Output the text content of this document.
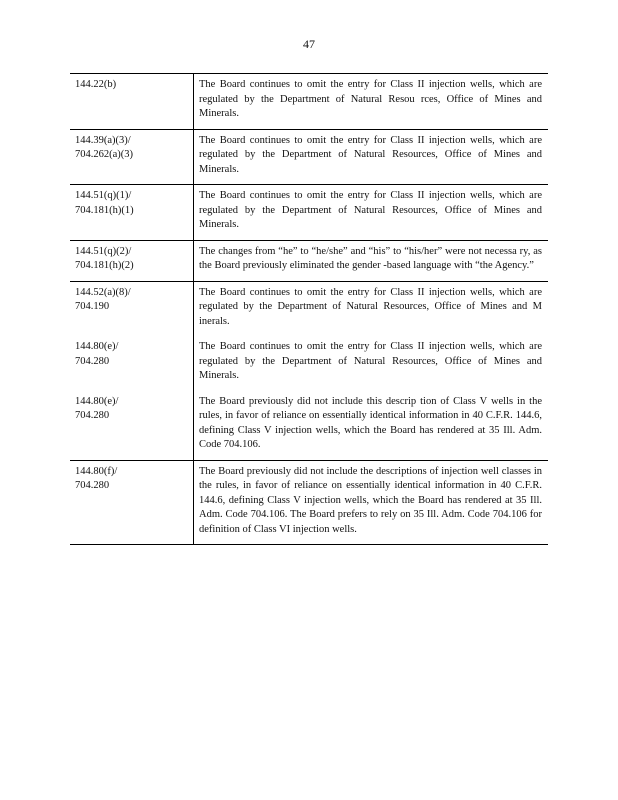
47
144.22(b)	The Board continues to omit the entry for Class II injection wells, which are regulated by the Department of Natural Resou rces, Office of Mines and Minerals.

144.39(a)(3)/
704.262(a)(3)	The Board continues to omit the entry for Class II injection wells, which are regulated by the Department of Natural Resources, Office of Mines and Minerals.

144.51(q)(1)/
704.181(h)(1)	The Board continues to omit the entry for Class II injection wells, which are regulated by the Department of Natural Resources, Office of Mines and Minerals.

144.51(q)(2)/
704.181(h)(2)	The changes from “he” to “he/she” and “his” to “his/her” were not necessa ry, as the Board previously eliminated the gender -based language with “the Agency.”

144.52(a)(8)/
704.190	The Board continues to omit the entry for Class II injection wells, which are regulated by the Department of Natural Resources, Office of Mines and M inerals.

144.80(e)/
704.280	The Board continues to omit the entry for Class II injection wells, which are regulated by the Department of Natural Resources, Office of Mines and Minerals.

144.80(e)/
704.280	The Board previously did not include this descrip tion of Class V wells in the rules, in favor of reliance on essentially identical information in 40 C.F.R. 144.6, defining Class V injection wells, which the Board has rendered at 35 Ill. Adm. Code 704.106.

144.80(f)/
704.280	The Board previously did not include the descriptions of injection well classes in the rules, in favor of reliance on essentially identical information in 40 C.F.R. 144.6, defining Class V injection wells, which the Board has rendered at 35 Ill. Adm. Code 704.106. The Board prefers to rely on 35 Ill. Adm. Code 704.106 for definition of Class VI injection wells.
